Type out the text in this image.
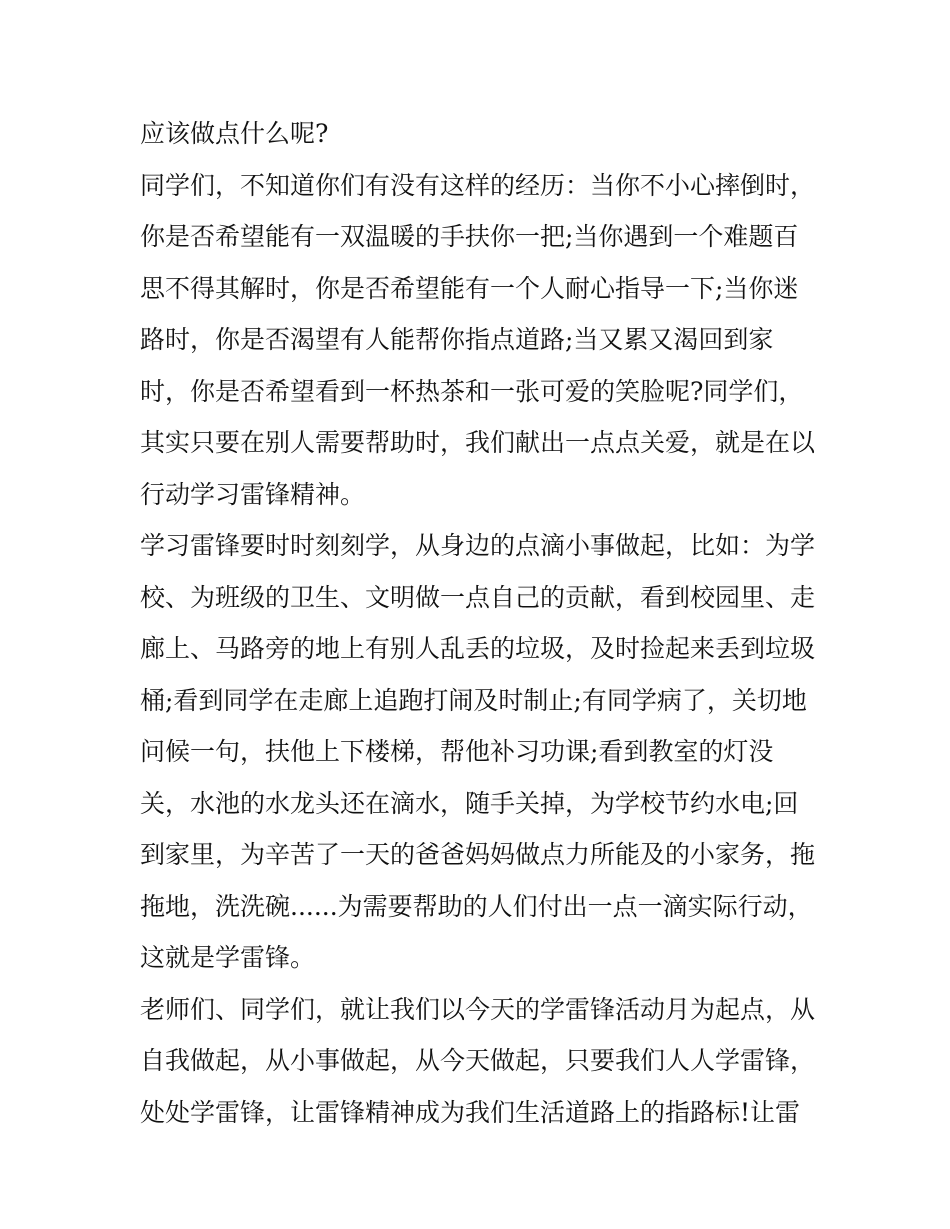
应该做点什么呢?
同学们，不知道你们有没有这样的经历：当你不小心摔倒时，
你是否希望能有一双温暖的手扶你一把;当你遇到一个难题百
思不得其解时，你是否希望能有一个人耐心指导一下;当你迷
路时，你是否渴望有人能帮你指点道路;当又累又渴回到家
时，你是否希望看到一杯热茶和一张可爱的笑脸呢?同学们，
其实只要在别人需要帮助时，我们献出一点点关爱，就是在以
行动学习雷锋精神。
学习雷锋要时时刻刻学，从身边的点滴小事做起，比如：为学
校、为班级的卫生、文明做一点自己的贡献，看到校园里、走
廊上、马路旁的地上有别人乱丢的垃圾，及时捡起来丢到垃圾
桶;看到同学在走廊上追跑打闹及时制止;有同学病了，关切地
问候一句，扶他上下楼梯，帮他补习功课;看到教室的灯没
关，水池的水龙头还在滴水，随手关掉，为学校节约水电;回
到家里，为辛苦了一天的爸爸妈妈做点力所能及的小家务，拖
拖地，洗洗碗......为需要帮助的人们付出一点一滴实际行动，
这就是学雷锋。
老师们、同学们，就让我们以今天的学雷锋活动月为起点，从
自我做起，从小事做起，从今天做起，只要我们人人学雷锋，
处处学雷锋，让雷锋精神成为我们生活道路上的指路标!让雷
